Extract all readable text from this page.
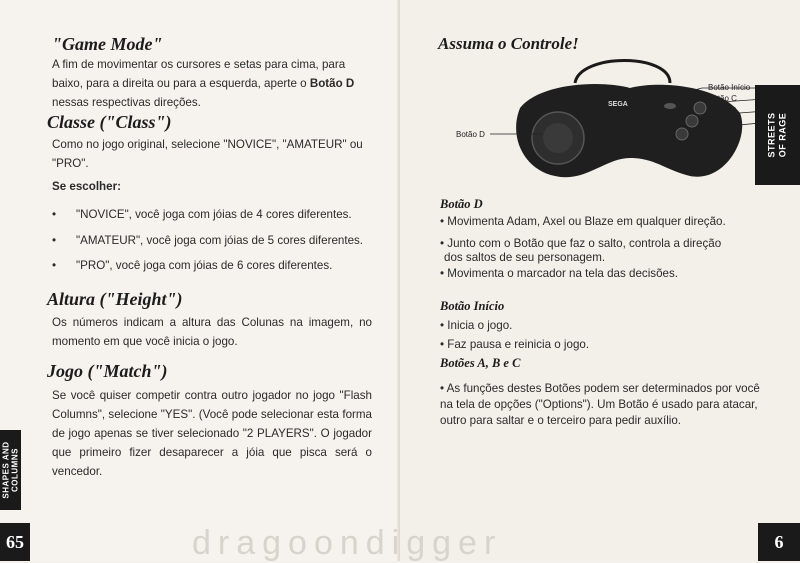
"Game Mode"

A fim de movimentar os cursores e setas para cima, para baixo, para a direita ou para a esquerda, aperte o Botão D nessas respectivas direções.

Classe ("Class")

Como no jogo original, selecione "NOVICE", "AMATEUR" ou "PRO".

Se escolher:

• "NOVICE", você joga com jóias de 4 cores diferentes.
• "AMATEUR", você joga com jóias de 5 cores diferentes.
• "PRO", você joga com jóias de 6 cores diferentes.
Altura ("Height")

Os números indicam a altura das Colunas na imagem, no momento em que você inicia o jogo.

Jogo ("Match")

Se você quiser competir contra outro jogador no jogo "Flash Columns", selecione "YES". (Você pode selecionar esta forma de jogo apenas se tiver selecionado "2 PLAYERS". O jogador que primeiro fizer desaparecer a jóia que pisca será o vencedor.

SHAPES AND
COLUMNS
65
Assuma o Controle!
SEGA
Botão Início
Botão C
Botão B
Botão A
Botão D

Botão D

• Movimenta Adam, Axel ou Blaze em qualquer direção.
• Junto com o Botão que faz o salto, controla a direção
dos saltos de seu personagem.
• Movimenta o marcador na tela das decisões.

Botão Início

• Inicia o jogo.
• Faz pausa e reinicia o jogo.

Botões A, B e C

• As funções destes Botões podem ser determinados por você
na tela de opções ("Options"). Um Botão é usado para atacar,
outro para saltar e o terceiro para pedir auxílio.
STREETS
OF RAGE
6
dragoondigger
